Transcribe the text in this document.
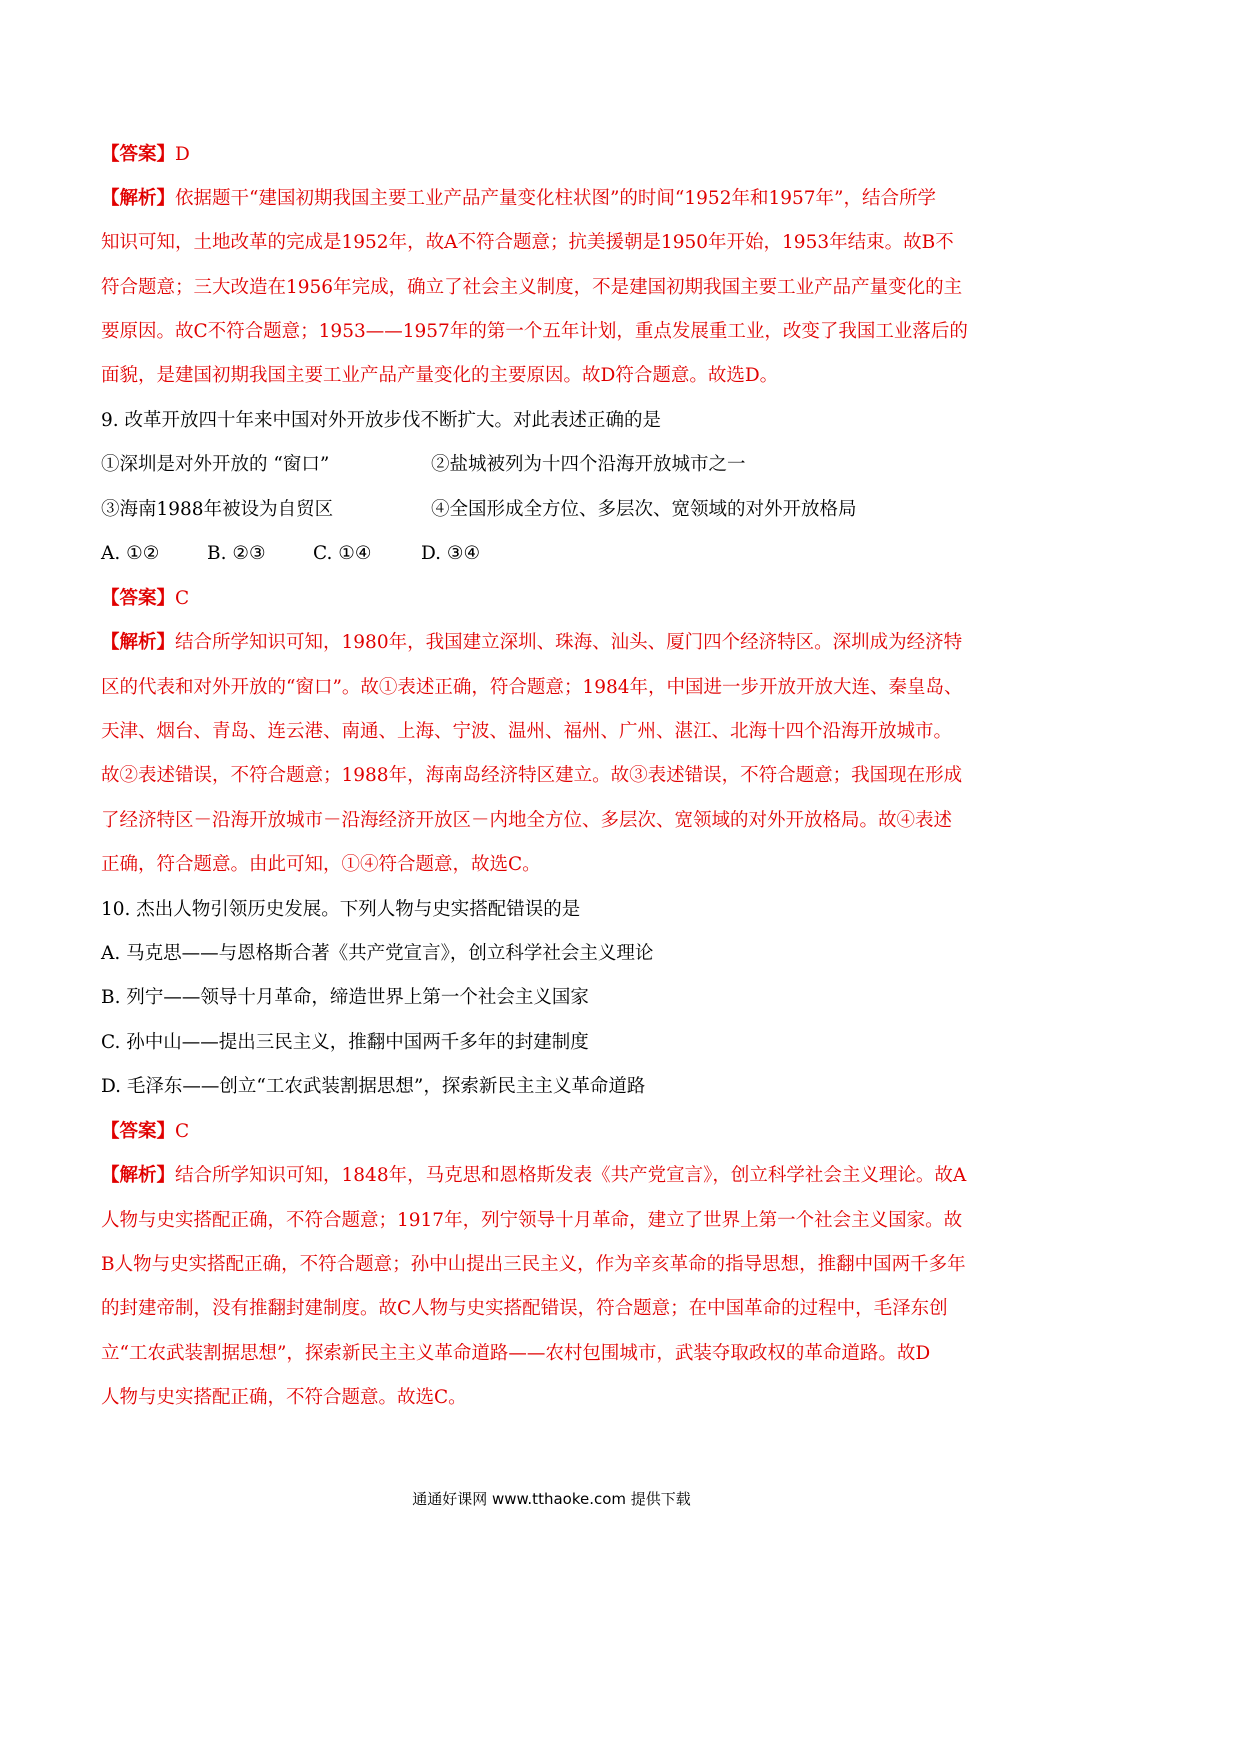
【答案】D
【解析】依据题干“建国初期我国主要工业产品产量变化柱状图”的时间“1952年和1957年”，结合所学
知识可知，土地改革的完成是1952年，故A不符合题意；抗美援朝是1950年开始，1953年结束。故B不
符合题意；三大改造在1956年完成，确立了社会主义制度，不是建国初期我国主要工业产品产量变化的主
要原因。故C不符合题意；1953——1957年的第一个五年计划，重点发展重工业，改变了我国工业落后的
面貌，是建国初期我国主要工业产品产量变化的主要原因。故D符合题意。故选D。
9. 改革开放四十年来中国对外开放步伐不断扩大。对此表述正确的是
①深圳是对外开放的 “窗口”	②盐城被列为十四个沿海开放城市之一
③海南1988年被设为自贸区	④全国形成全方位、多层次、宽领域的对外开放格局
A. ①②	B. ②③	C. ①④	D. ③④
【答案】C
【解析】结合所学知识可知，1980年，我国建立深圳、珠海、汕头、厦门四个经济特区。深圳成为经济特
区的代表和对外开放的“窗口”。故①表述正确，符合题意；1984年，中国进一步开放开放大连、秦皇岛、
天津、烟台、青岛、连云港、南通、上海、宁波、温州、福州、广州、湛江、北海十四个沿海开放城市。
故②表述错误，不符合题意；1988年，海南岛经济特区建立。故③表述错误，不符合题意；我国现在形成
了经济特区－沿海开放城市－沿海经济开放区－内地全方位、多层次、宽领域的对外开放格局。故④表述
正确，符合题意。由此可知，①④符合题意，故选C。
10. 杰出人物引领历史发展。下列人物与史实搭配错误的是
A. 马克思——与恩格斯合著《共产党宣言》，创立科学社会主义理论
B. 列宁——领导十月革命，缔造世界上第一个社会主义国家
C. 孙中山——提出三民主义，推翻中国两千多年的封建制度
D. 毛泽东——创立“工农武装割据思想”，探索新民主主义革命道路
【答案】C
【解析】结合所学知识可知，1848年，马克思和恩格斯发表《共产党宣言》，创立科学社会主义理论。故A
人物与史实搭配正确，不符合题意；1917年，列宁领导十月革命，建立了世界上第一个社会主义国家。故
B人物与史实搭配正确，不符合题意；孙中山提出三民主义，作为辛亥革命的指导思想，推翻中国两千多年
的封建帝制，没有推翻封建制度。故C人物与史实搭配错误，符合题意；在中国革命的过程中，毛泽东创
立“工农武装割据思想”，探索新民主主义革命道路——农村包围城市，武装夺取政权的革命道路。故D
人物与史实搭配正确，不符合题意。故选C。
通通好课网 www.tthaoke.com 提供下载
